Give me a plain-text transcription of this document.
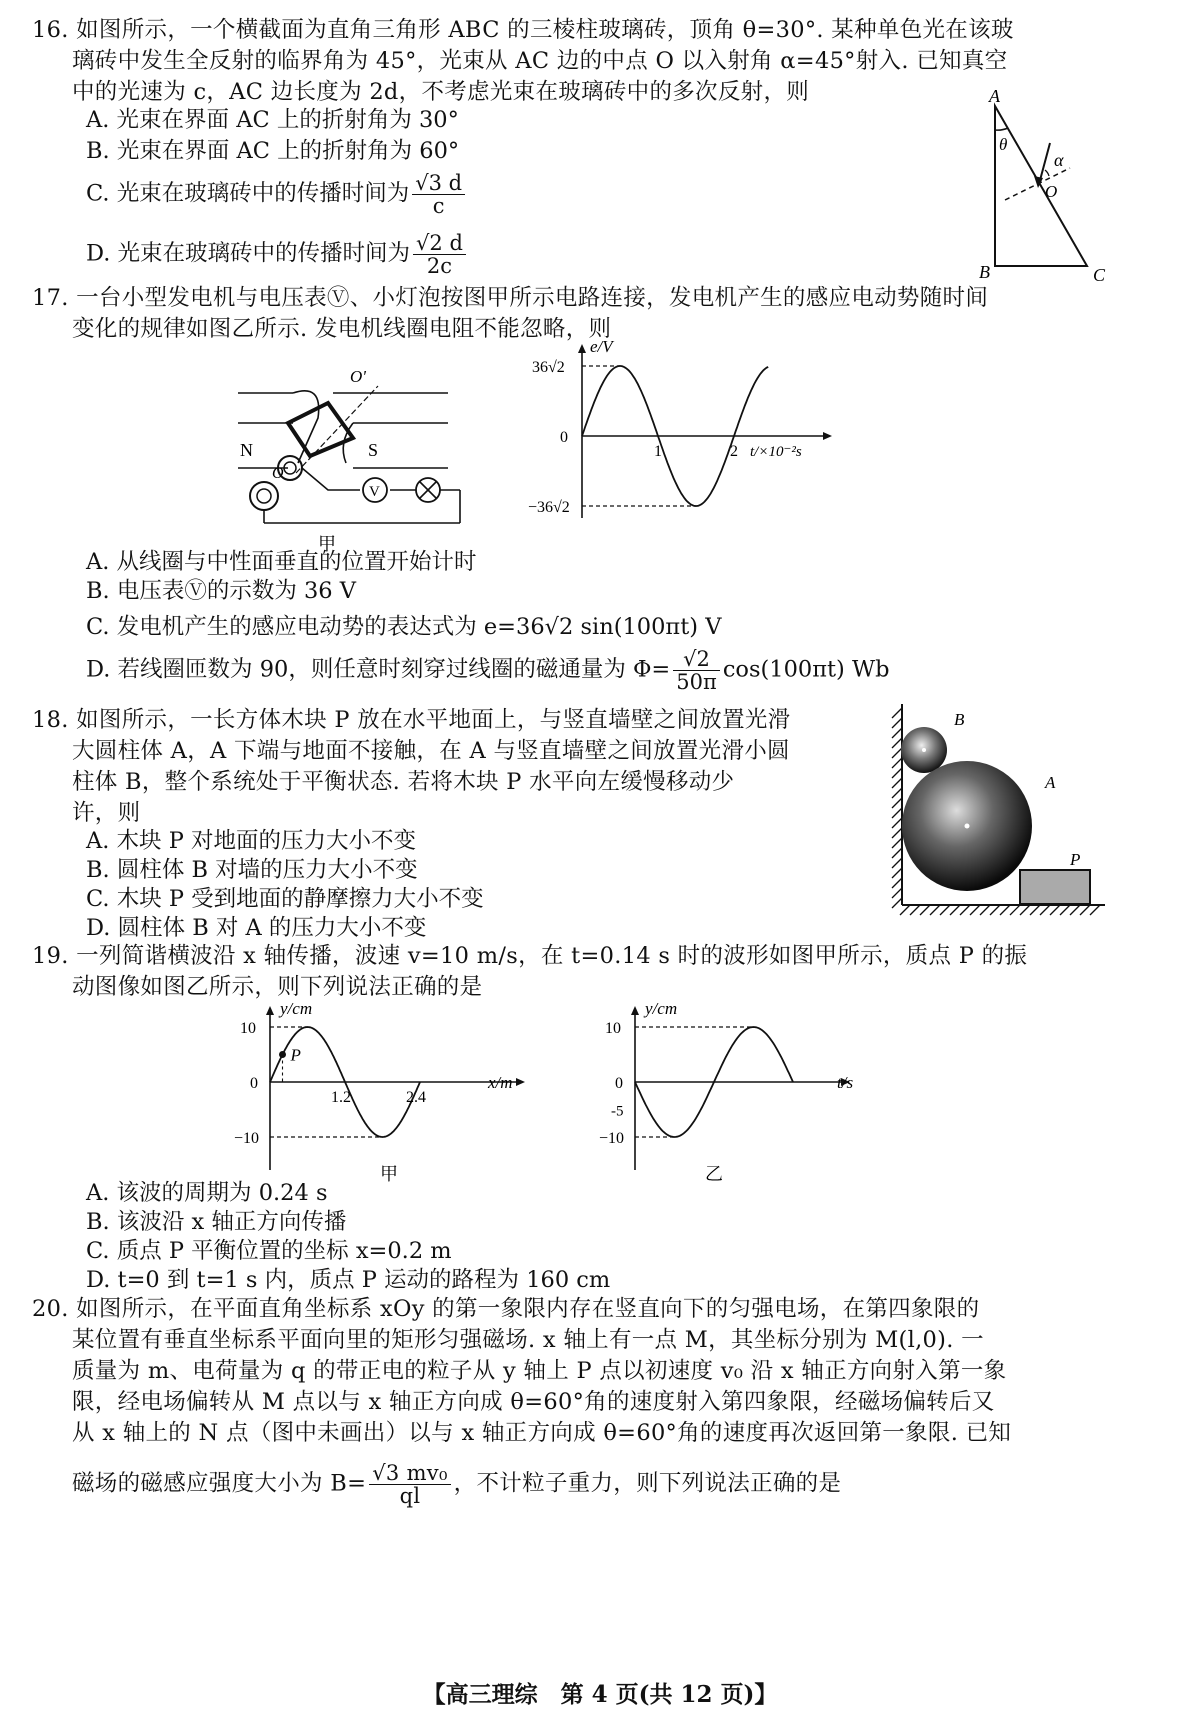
16. 如图所示，一个横截面为直角三角形 ABC 的三棱柱玻璃砖，顶角 θ=30°. 某种单色光在该玻
璃砖中发生全反射的临界角为 45°，光束从 AC 边的中点 O 以入射角 α=45°射入. 已知真空
中的光速为 c，AC 边长度为 2d，不考虑光束在玻璃砖中的多次反射，则
A. 光束在界面 AC 上的折射角为 30°
B. 光束在界面 AC 上的折射角为 60°
C. 光束在玻璃砖中的传播时间为 $\frac{√3 d}{c}$
D. 光束在玻璃砖中的传播时间为 $\frac{√2 d}{2c}$
A
θ
α
O
B	C
17. 一台小型发电机与电压表Ⓥ、小灯泡按图甲所示电路连接，发电机产生的感应电动势随时间
变化的规律如图乙所示. 发电机线圈电阻不能忽略，则
O'
O
N	S
V
甲
e/V
36√2
0
−36√2
1	2 t/×10⁻²s
A. 从线圈与中性面垂直的位置开始计时
B. 电压表Ⓥ的示数为 36 V
C. 发电机产生的感应电动势的表达式为 e=36√2 sin(100πt) V
D. 若线圈匝数为 90，则任意时刻穿过线圈的磁通量为 $\Phi= \frac{√2}{50\pi} \cos(100\pi t)$ Wb
18. 如图所示，一长方体木块 P 放在水平地面上，与竖直墙壁之间放置光滑
大圆柱体 A，A 下端与地面不接触，在 A 与竖直墙壁之间放置光滑小圆
柱体 B，整个系统处于平衡状态. 若将木块 P 水平向左缓慢移动少
许，则
A. 木块 P 对地面的压力大小不变
B. 圆柱体 B 对墙的压力大小不变
C. 木块 P 受到地面的静摩擦力大小不变
D. 圆柱体 B 对 A 的压力大小不变
B
A
P
19. 一列简谐横波沿 x 轴传播，波速 v=10 m/s，在 t=0.14 s 时的波形如图甲所示，质点 P 的振
动图像如图乙所示，则下列说法正确的是
P
y/cm
10
0
−10
1.2	2.4
x/m
甲
y/cm
10
0
-5
−10
t/s
乙
A. 该波的周期为 0.24 s
B. 该波沿 x 轴正方向传播
C. 质点 P 平衡位置的坐标 x=0.2 m
D. t=0 到 t=1 s 内，质点 P 运动的路程为 160 cm
20. 如图所示，在平面直角坐标系 xOy 的第一象限内存在竖直向下的匀强电场，在第四象限的
某位置有垂直坐标系平面向里的矩形匀强磁场. x 轴上有一点 M，其坐标分别为 M(l,0). 一
质量为 m、电荷量为 q 的带正电的粒子从 y 轴上 P 点以初速度 v₀ 沿 x 轴正方向射入第一象
限，经电场偏转从 M 点以与 x 轴正方向成 θ=60°角的速度射入第四象限，经磁场偏转后又
从 x 轴上的 N 点（图中未画出）以与 x 轴正方向成 θ=60°角的速度再次返回第一象限. 已知
磁场的磁感应强度大小为 $B= \frac{\text{√3 mv₀}}{ql}$ ，不计粒子重力，则下列说法正确的是
【高三理综　第 4 页(共 12 页)】
